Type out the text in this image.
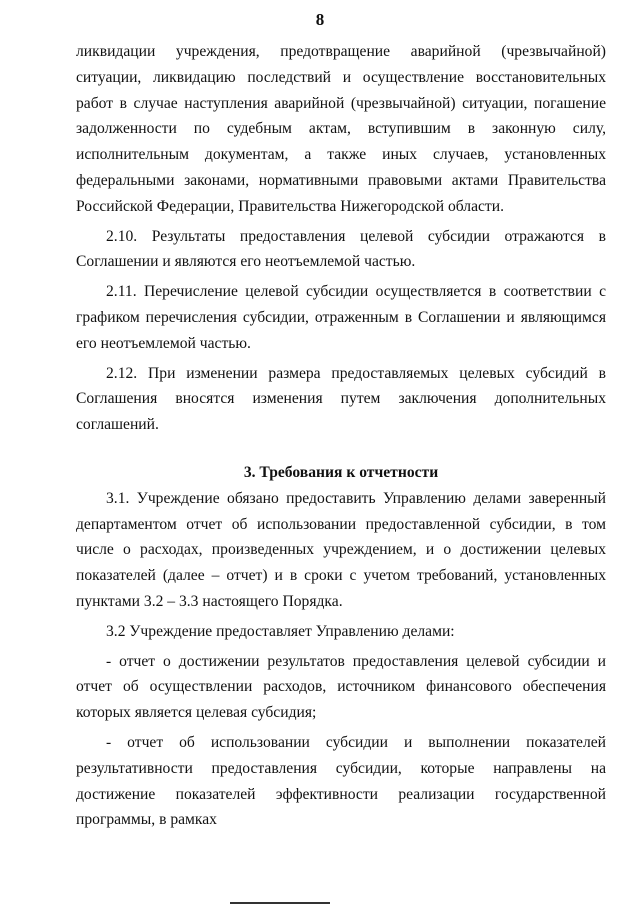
8

ликвидации учреждения, предотвращение аварийной (чрезвычайной) ситуации, ликвидацию последствий и осуществление восстановительных работ в случае наступления аварийной (чрезвычайной) ситуации, погашение задолженности по судебным актам, вступившим в законную силу, исполнительным документам, а также иных случаев, установленных федеральными законами, нормативными правовыми актами Правительства Российской Федерации, Правительства Нижегородской области.

2.10. Результаты предоставления целевой субсидии отражаются в Соглашении и являются его неотъемлемой частью.

2.11. Перечисление целевой субсидии осуществляется в соответствии с графиком перечисления субсидии, отраженным в Соглашении и являющимся его неотъемлемой частью.

2.12. При изменении размера предоставляемых целевых субсидий в Соглашения вносятся изменения путем заключения дополнительных соглашений.

3. Требования к отчетности

3.1. Учреждение обязано предоставить Управлению делами заверенный департаментом отчет об использовании предоставленной субсидии, в том числе о расходах, произведенных учреждением, и о достижении целевых показателей (далее – отчет) и в сроки с учетом требований, установленных пунктами 3.2 – 3.3 настоящего Порядка.

3.2 Учреждение предоставляет Управлению делами:

- отчет о достижении результатов предоставления целевой субсидии и отчет об осуществлении расходов, источником финансового обеспечения которых является целевая субсидия;

- отчет об использовании субсидии и выполнении показателей результативности предоставления субсидии, которые направлены на достижение показателей эффективности реализации государственной программы, в рамках
